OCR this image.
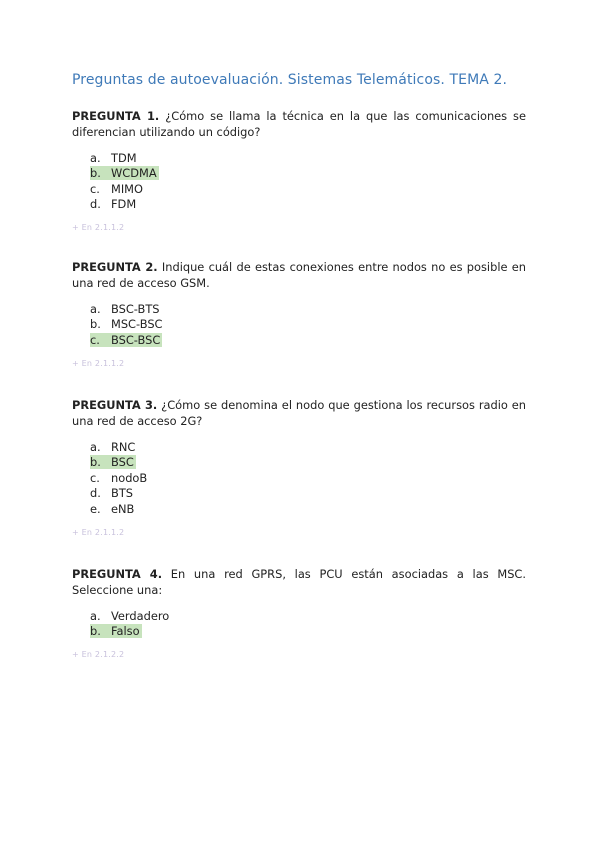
Preguntas de autoevaluación. Sistemas Telemáticos. TEMA 2.

PREGUNTA 1. ¿Cómo se llama la técnica en la que las comunicaciones se diferencian utilizando un código?

a. TDM
b. WCDMA
c. MIMO
d. FDM
+ En 2.1.1.2

PREGUNTA 2. Indique cuál de estas conexiones entre nodos no es posible en una red de acceso GSM.

a. BSC-BTS
b. MSC-BSC
c. BSC-BSC
+ En 2.1.1.2

PREGUNTA 3. ¿Cómo se denomina el nodo que gestiona los recursos radio en una red de acceso 2G?

a. RNC
b. BSC
c. nodoB
d. BTS
e. eNB
+ En 2.1.1.2

PREGUNTA 4. En una red GPRS, las PCU están asociadas a las MSC. Seleccione una:

a. Verdadero
b. Falso
+ En 2.1.2.2
